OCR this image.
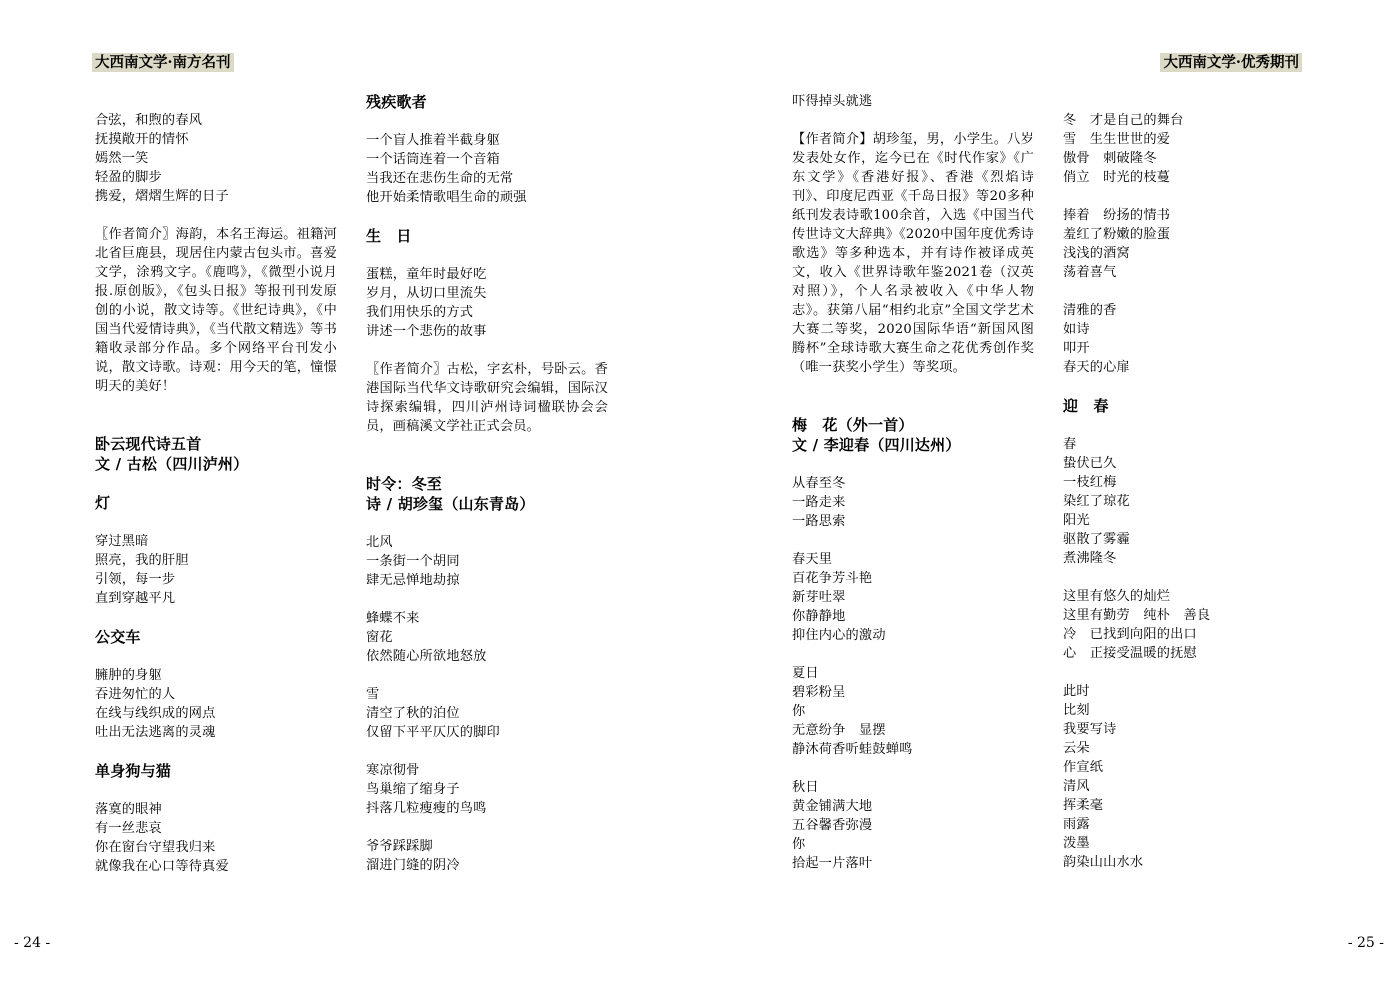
大西南文学·南方名刊	大西南文学·优秀期刊
合弦，和煦的春风
抚摸敞开的情怀
嫣然一笑
轻盈的脚步
携爱，熠熠生辉的日子
〖作者简介〗海韵，本名王海运。祖籍河北省巨鹿县，现居住内蒙古包头市。喜爱文学，涂鸦文字。《鹿鸣》，《微型小说月报.原创版》，《包头日报》等报刊刊发原创的小说，散文诗等。《世纪诗典》，《中国当代爱情诗典》，《当代散文精选》等书籍收录部分作品。多个网络平台刊发小说，散文诗歌。诗观：用今天的笔，憧憬明天的美好！
卧云现代诗五首
文 / 古松（四川泸州）
灯
穿过黑暗
照亮，我的肝胆
引领，每一步
直到穿越平凡
公交车
臃肿的身躯
吞进匆忙的人
在线与线织成的网点
吐出无法逃离的灵魂
单身狗与猫
落寞的眼神
有一丝悲哀
你在窗台守望我归来
就像我在心口等待真爱
残疾歌者
一个盲人推着半截身躯
一个话筒连着一个音箱
当我还在悲伤生命的无常
他开始柔情歌唱生命的顽强
生　日
蛋糕，童年时最好吃
岁月，从切口里流失
我们用快乐的方式
讲述一个悲伤的故事
〖作者简介〗古松，字玄朴，号卧云。香港国际当代华文诗歌研究会编辑，国际汉诗探索编辑，四川泸州诗词楹联协会会员，画稿溪文学社正式会员。
时令：冬至
诗 / 胡珍玺（山东青岛）
北风
一条街一个胡同
肆无忌惮地劫掠
蜂蝶不来
窗花
依然随心所欲地怒放
雪
清空了秋的泊位
仅留下平平仄仄的脚印
寒凉彻骨
鸟巢缩了缩身子
抖落几粒瘦瘦的鸟鸣
爷爷踩踩脚
溜进门缝的阴冷
吓得掉头就逃
【作者简介】胡珍玺，男，小学生。八岁发表处女作，迄今已在《时代作家》《广东文学》《香港好报》、香港《烈焰诗刊》、印度尼西亚《千岛日报》等20多种纸刊发表诗歌100余首，入选《中国当代传世诗文大辞典》《2020中国年度优秀诗歌选》等多种选本，并有诗作被译成英文，收入《世界诗歌年鉴2021卷（汉英对照）》，个人名录被收入《中华人物志》。获第八届“相约北京”全国文学艺术大赛二等奖，2020国际华语“新国风图腾杯”全球诗歌大赛生命之花优秀创作奖（唯一获奖小学生）等奖项。
梅　花（外一首）
文 / 李迎春（四川达州）
从春至冬
一路走来
一路思索
春天里
百花争芳斗艳
新芽吐翠
你静静地
抑住内心的激动
夏日
碧彩粉呈
你
无意纷争　显摆
静沐荷香听蛙鼓蝉鸣
秋日
黄金铺满大地
五谷馨香弥漫
你
拾起一片落叶
冬　才是自己的舞台
雪　生生世世的爱
傲骨　刺破隆冬
俏立　时光的枝蔓
捧着　纷扬的情书
羞红了粉嫩的脸蛋
浅浅的酒窝
荡着喜气
清雅的香
如诗
叩开
春天的心扉
迎　春
春
蛰伏已久
一枝红梅
染红了琼花
阳光
驱散了雾霾
煮沸隆冬
这里有悠久的灿烂
这里有勤劳　纯朴　善良
冷　已找到向阳的出口
心　正接受温暖的抚慰
此时
比刻
我要写诗
云朵
作宣纸
清风
挥柔毫
雨露
泼墨
韵染山山水水
- 24 -	- 25 -
